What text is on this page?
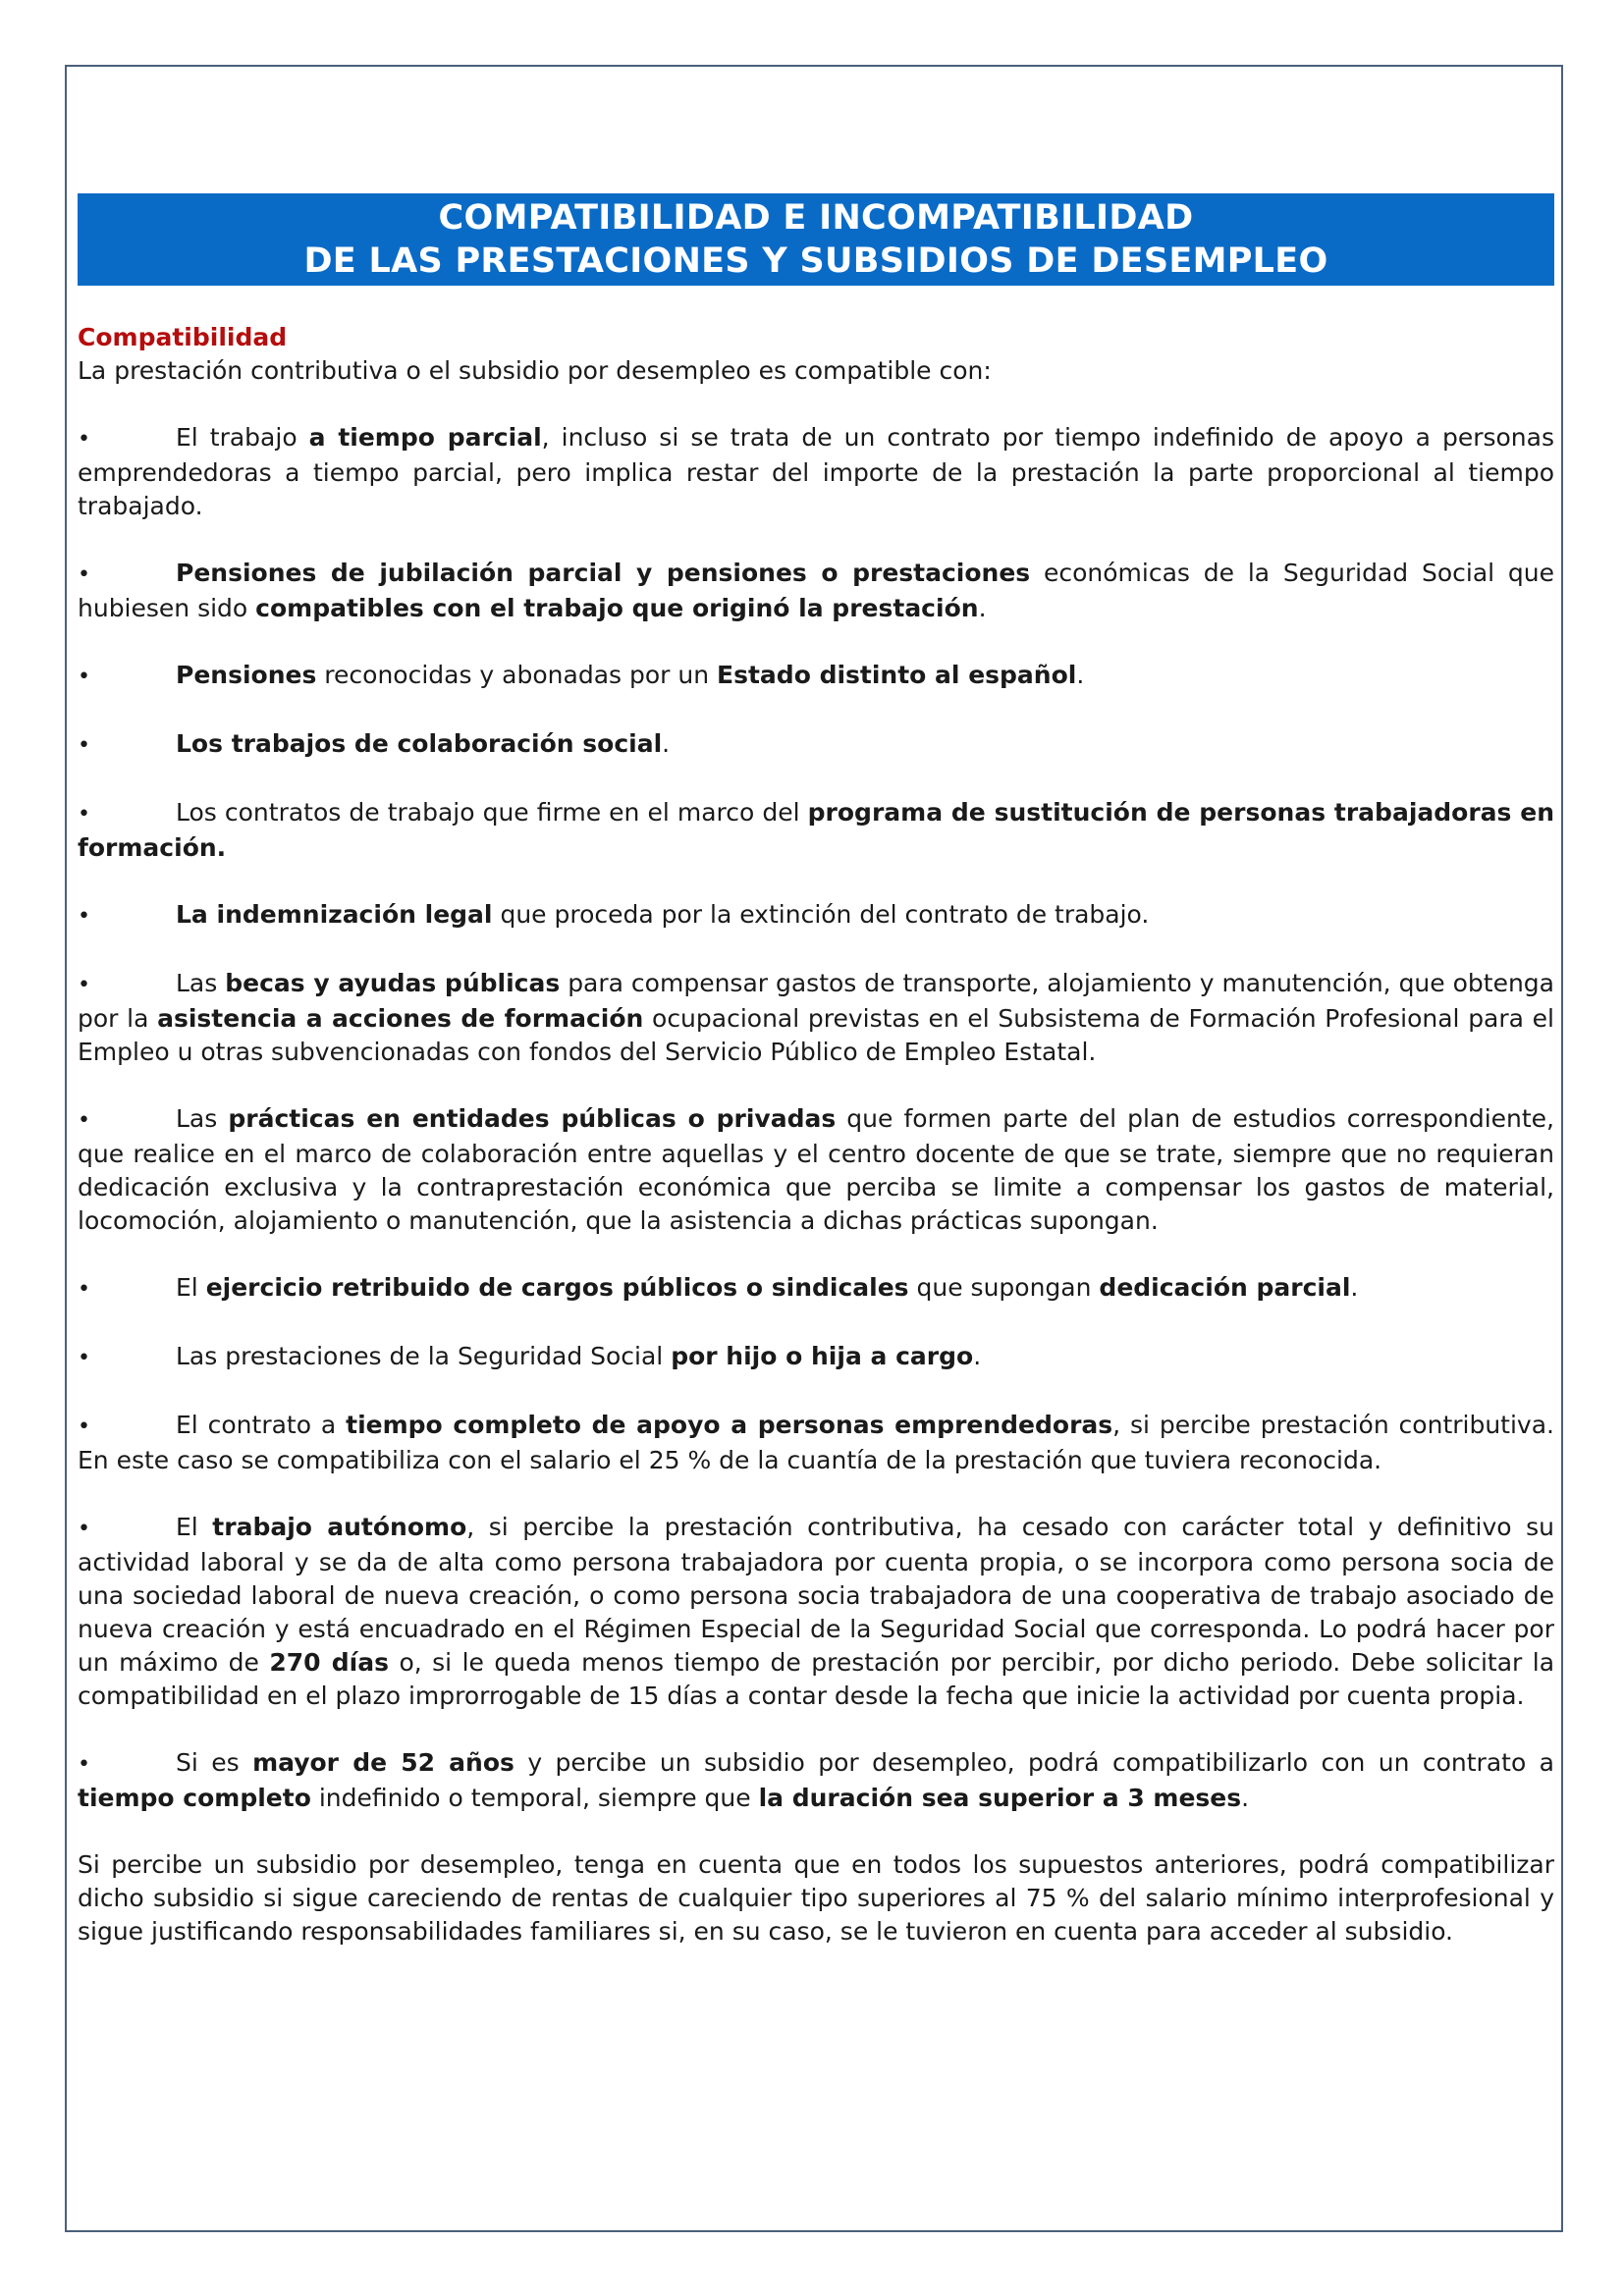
COMPATIBILIDAD E INCOMPATIBILIDAD
DE LAS PRESTACIONES Y SUBSIDIOS DE DESEMPLEO
Compatibilidad

La prestación contributiva o el subsidio por desempleo es compatible con:

•	El trabajo a tiempo parcial, incluso si se trata de un contrato por tiempo indefinido de apoyo a personas emprendedoras a tiempo parcial, pero implica restar del importe de la prestación la parte proporcional al tiempo trabajado.

•	Pensiones de jubilación parcial y pensiones o prestaciones económicas de la Seguridad Social que hubiesen sido compatibles con el trabajo que originó la prestación.

•	Pensiones reconocidas y abonadas por un Estado distinto al español.

•	Los trabajos de colaboración social.

•	Los contratos de trabajo que firme en el marco del programa de sustitución de personas trabajadoras en formación.

•	La indemnización legal que proceda por la extinción del contrato de trabajo.

•	Las becas y ayudas públicas para compensar gastos de transporte, alojamiento y manutención, que obtenga por la asistencia a acciones de formación ocupacional previstas en el Subsistema de Formación Profesional para el Empleo u otras subvencionadas con fondos del Servicio Público de Empleo Estatal.

•	Las prácticas en entidades públicas o privadas que formen parte del plan de estudios correspondiente, que realice en el marco de colaboración entre aquellas y el centro docente de que se trate, siempre que no requieran dedicación exclusiva y la contraprestación económica que perciba se limite a compensar los gastos de material, locomoción, alojamiento o manutención, que la asistencia a dichas prácticas supongan.

•	El ejercicio retribuido de cargos públicos o sindicales que supongan dedicación parcial.

•	Las prestaciones de la Seguridad Social por hijo o hija a cargo.

•	El contrato a tiempo completo de apoyo a personas emprendedoras, si percibe prestación contributiva. En este caso se compatibiliza con el salario el 25 % de la cuantía de la prestación que tuviera reconocida.

•	El trabajo autónomo, si percibe la prestación contributiva, ha cesado con carácter total y definitivo su actividad laboral y se da de alta como persona trabajadora por cuenta propia, o se incorpora como persona socia de una sociedad laboral de nueva creación, o como persona socia trabajadora de una cooperativa de trabajo asociado de nueva creación y está encuadrado en el Régimen Especial de la Seguridad Social que corresponda. Lo podrá hacer por un máximo de 270 días o, si le queda menos tiempo de prestación por percibir, por dicho periodo. Debe solicitar la compatibilidad en el plazo improrrogable de 15 días a contar desde la fecha que inicie la actividad por cuenta propia.

•	Si es mayor de 52 años y percibe un subsidio por desempleo, podrá compatibilizarlo con un contrato a tiempo completo indefinido o temporal, siempre que la duración sea superior a 3 meses.

Si percibe un subsidio por desempleo, tenga en cuenta que en todos los supuestos anteriores, podrá compatibilizar dicho subsidio si sigue careciendo de rentas de cualquier tipo superiores al 75 % del salario mínimo interprofesional y sigue justificando responsabilidades familiares si, en su caso, se le tuvieron en cuenta para acceder al subsidio.
